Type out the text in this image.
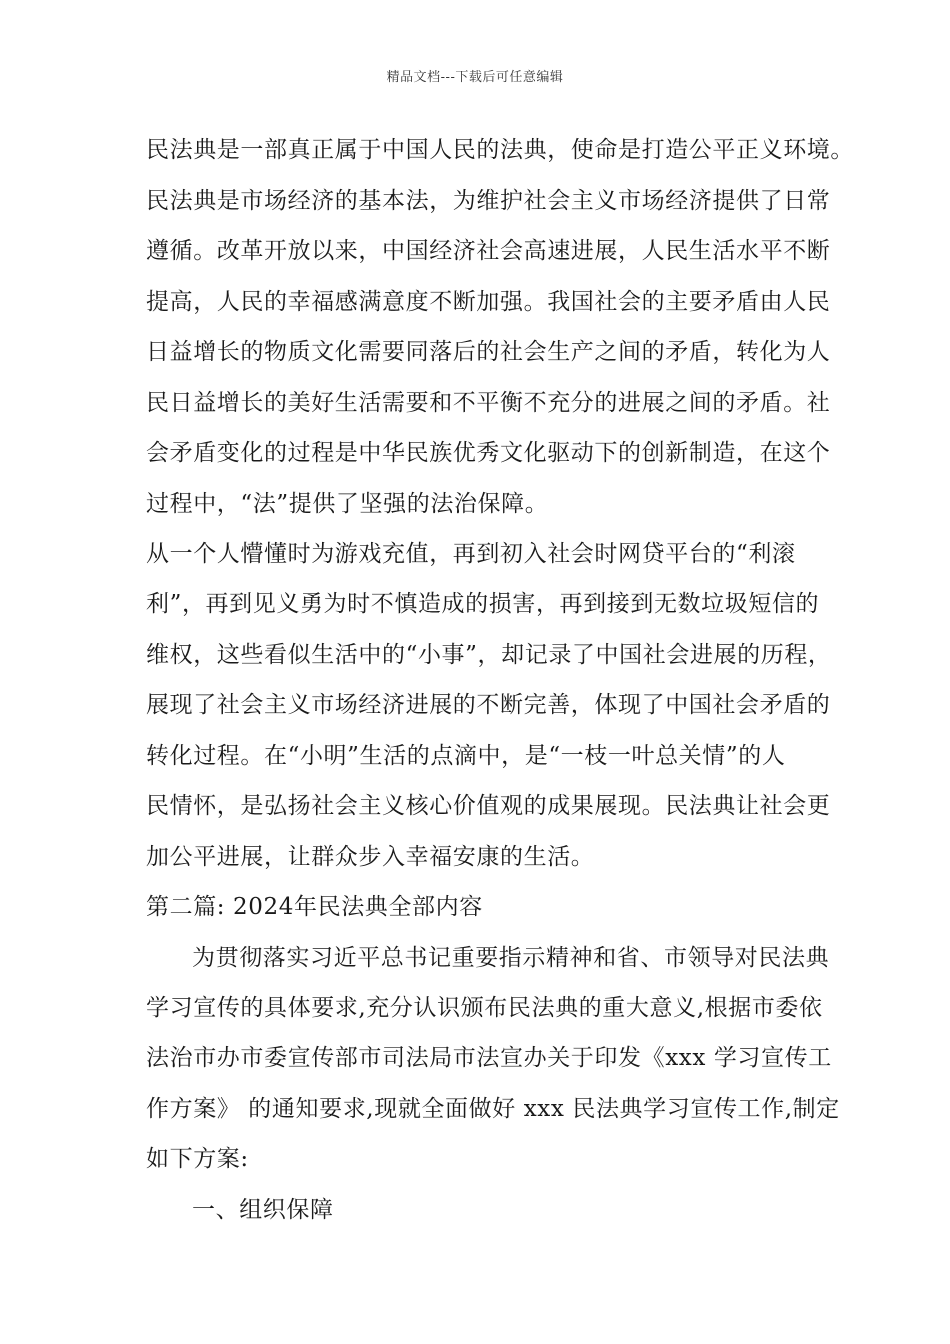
精品文档---下载后可任意编辑
民法典是一部真正属于中国人民的法典，使命是打造公平正义环境。
民法典是市场经济的基本法，为维护社会主义市场经济提供了日常
遵循。改革开放以来，中国经济社会高速进展，人民生活水平不断
提高，人民的幸福感满意度不断加强。我国社会的主要矛盾由人民
日益增长的物质文化需要同落后的社会生产之间的矛盾，转化为人
民日益增长的美好生活需要和不平衡不充分的进展之间的矛盾。社
会矛盾变化的过程是中华民族优秀文化驱动下的创新制造，在这个
过程中，“法”提供了坚强的法治保障。
从一个人懵懂时为游戏充值，再到初入社会时网贷平台的“利滚
利”，再到见义勇为时不慎造成的损害，再到接到无数垃圾短信的
维权，这些看似生活中的“小事”，却记录了中国社会进展的历程，
展现了社会主义市场经济进展的不断完善，体现了中国社会矛盾的
转化过程。在“小明”生活的点滴中，是“一枝一叶总关情”的人
民情怀，是弘扬社会主义核心价值观的成果展现。民法典让社会更
加公平进展，让群众步入幸福安康的生活。
第二篇: 2024年民法典全部内容
为贯彻落实习近平总书记重要指示精神和省、市领导对民法典
学习宣传的具体要求,充分认识颁布民法典的重大意义,根据市委依
法治市办市委宣传部市司法局市法宣办关于印发《xxx 学习宣传工
作方案》 的通知要求,现就全面做好 xxx 民法典学习宣传工作,制定
如下方案:
一、组织保障
